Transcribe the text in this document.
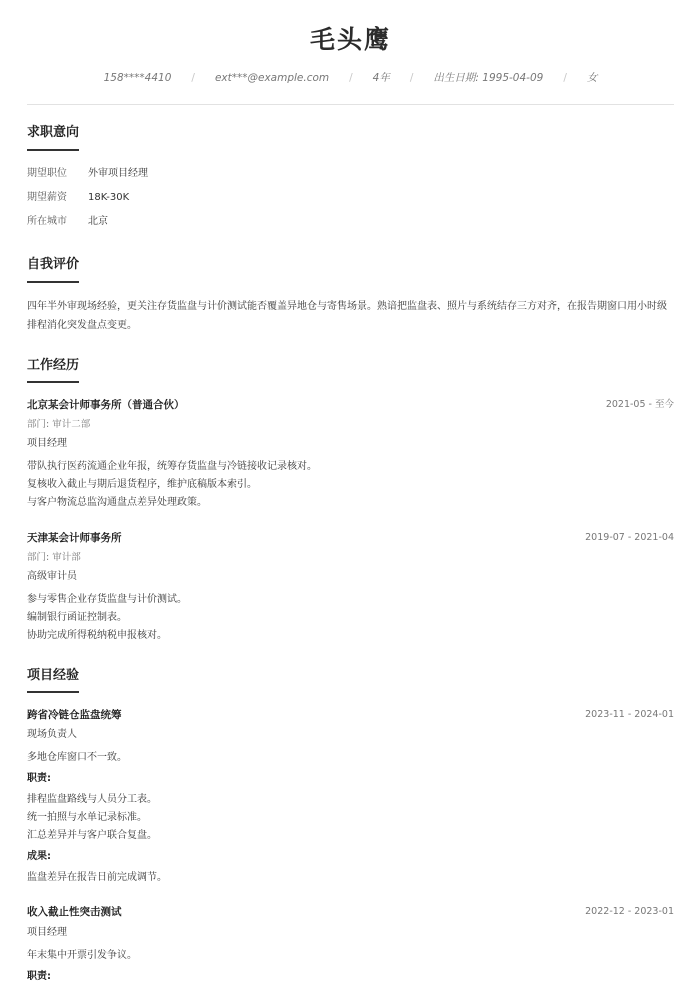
毛头鹰
158****4410	/	ext***@example.com	/	4年	/	出生日期: 1995-04-09	/	女
求职意向
期望职位 外审项目经理
期望薪资 18K-30K
所在城市 北京
自我评价
四年半外审现场经验，更关注存货监盘与计价测试能否覆盖异地仓与寄售场景。熟谙把监盘表、照片与系统结存三方对齐，在报告期窗口用小时级排程消化突发盘点变更。
工作经历
北京某会计师事务所（普通合伙）	2021-05 - 至今
部门: 审计二部
项目经理
带队执行医药流通企业年报，统筹存货监盘与冷链接收记录核对。
复核收入截止与期后退货程序，维护底稿版本索引。
与客户物流总监沟通盘点差异处理政策。
天津某会计师事务所	2019-07 - 2021-04
部门: 审计部
高级审计员
参与零售企业存货监盘与计价测试。
编制银行函证控制表。
协助完成所得税纳税申报核对。
项目经验
跨省冷链仓监盘统筹	2023-11 - 2024-01
现场负责人
多地仓库窗口不一致。
职责:
排程监盘路线与人员分工表。
统一拍照与水单记录标准。
汇总差异并与客户联合复盘。
成果:
监盘差异在报告日前完成调节。
收入截止性突击测试	2022-12 - 2023-01
项目经理
年末集中开票引发争议。
职责:
